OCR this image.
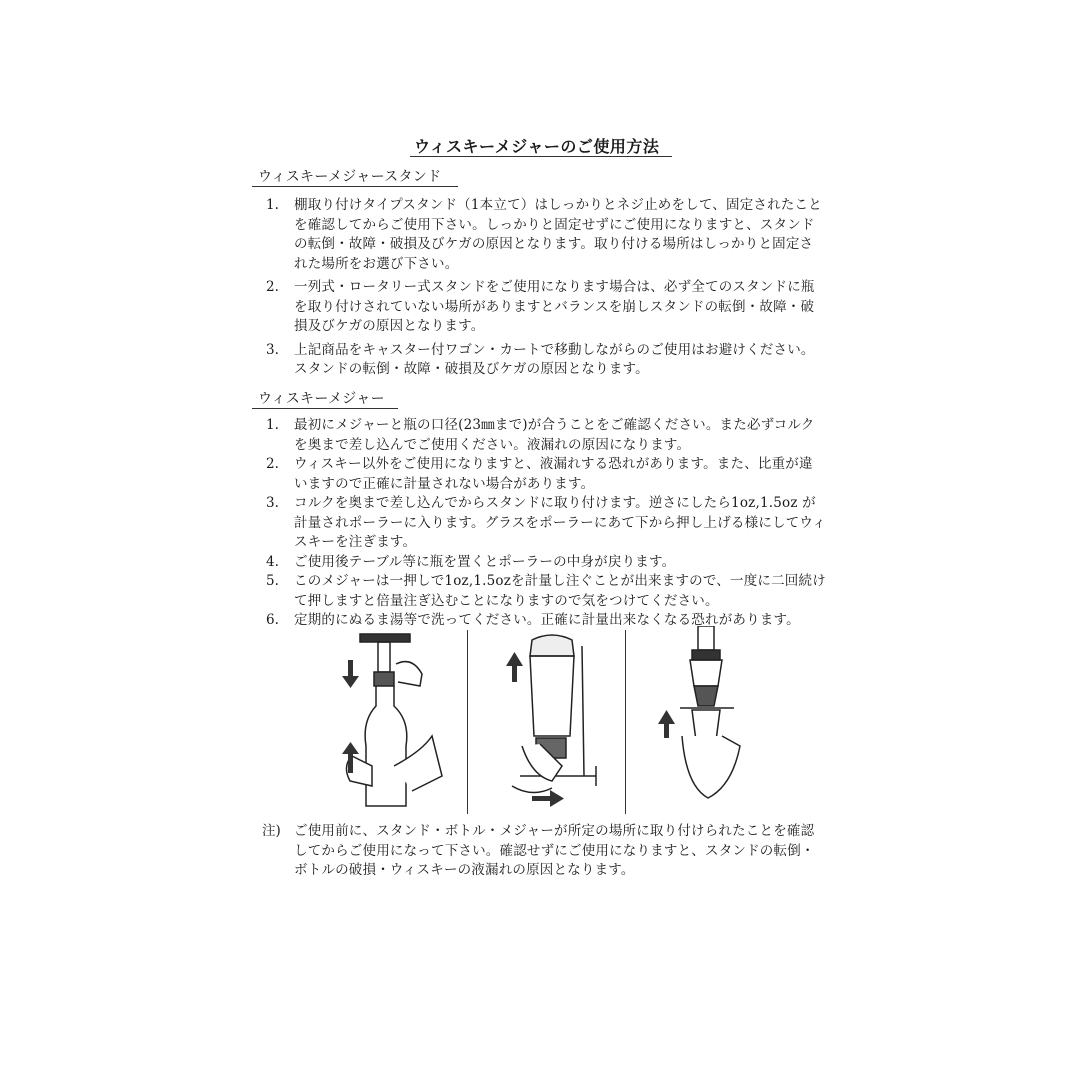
ウィスキーメジャーのご使用方法
ウィスキーメジャースタンド
1. 棚取り付けタイプスタンド（1本立て）はしっかりとネジ止めをして、固定されたことを確認してからご使用下さい。しっかりと固定せずにご使用になりますと、スタンドの転倒・故障・破損及びケガの原因となります。取り付ける場所はしっかりと固定された場所をお選び下さい。
2. 一列式・ロータリー式スタンドをご使用になります場合は、必ず全てのスタンドに瓶を取り付けされていない場所がありますとバランスを崩しスタンドの転倒・故障・破損及びケガの原因となります。
3. 上記商品をキャスター付ワゴン・カートで移動しながらのご使用はお避けください。スタンドの転倒・故障・破損及びケガの原因となります。
ウィスキーメジャー
1. 最初にメジャーと瓶の口径(23㎜まで)が合うことをご確認ください。また必ずコルクを奥まで差し込んでご使用ください。液漏れの原因になります。
2. ウィスキー以外をご使用になりますと、液漏れする恐れがあります。また、比重が違いますので正確に計量されない場合があります。
3. コルクを奥まで差し込んでからスタンドに取り付けます。逆さにしたら1oz,1.5oz が計量されポーラーに入ります。グラスをポーラーにあて下から押し上げる様にしてウィスキーを注ぎます。
4. ご使用後テーブル等に瓶を置くとポーラーの中身が戻ります。
5. このメジャーは一押しで1oz,1.5ozを計量し注ぐことが出来ますので、一度に二回続けて押しますと倍量注ぎ込むことになりますので気をつけてください。
6. 定期的にぬるま湯等で洗ってください。正確に計量出来なくなる恐れがあります。
注) ご使用前に、スタンド・ボトル・メジャーが所定の場所に取り付けられたことを確認してからご使用になって下さい。確認せずにご使用になりますと、スタンドの転倒・ボトルの破損・ウィスキーの液漏れの原因となります。
